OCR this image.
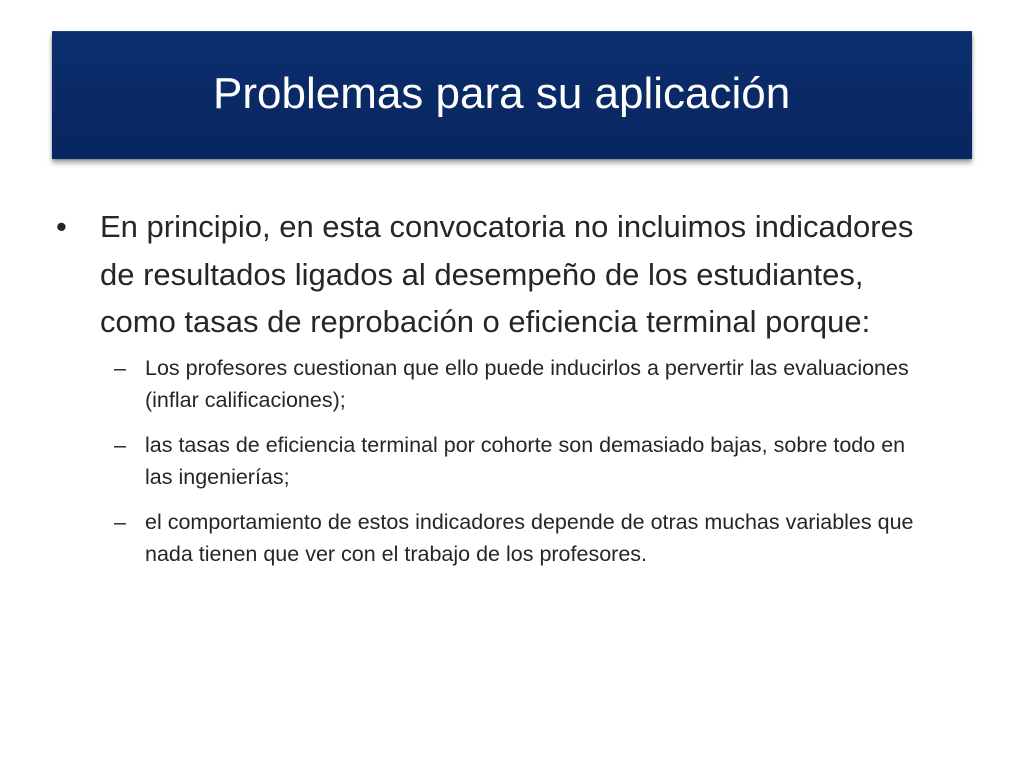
Problemas para su aplicación

• En principio, en esta convocatoria no incluimos indicadores de resultados ligados al desempeño de los estudiantes, como tasas de reprobación o eficiencia terminal porque:

– Los profesores cuestionan que ello puede inducirlos a pervertir las evaluaciones (inflar calificaciones);

– las tasas de eficiencia terminal por cohorte son demasiado bajas, sobre todo en las ingenierías;

– el comportamiento de estos indicadores depende de otras muchas variables que nada tienen que ver con el trabajo de los profesores.
